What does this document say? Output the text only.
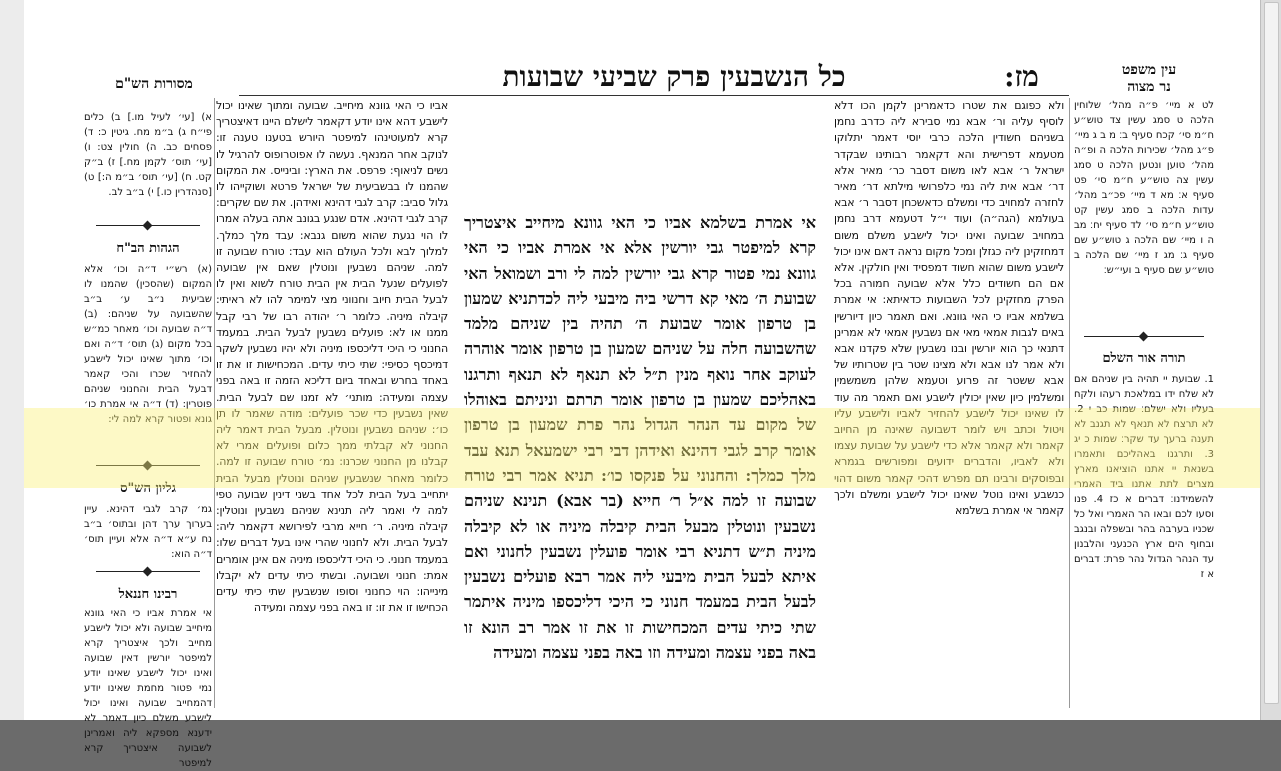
כל הנשבעין פרק שביעי שבועות	מז:	עין משפט
נר מצוה
מסורות הש"ם

ולא כפוגם את שטרו כדאמרינן לקמן הכו דלא לוסיף עליה ור׳ אבא נמי סבירא ליה כדרב נחמן בשניהם חשודין הלכה כרבי יוסי דאמר יתלוקו מטעמא דפרישית והא דקאמר רבותינו שבקדר ישראל ר׳ אבא לאו משום דסבר כר׳ מאיר אלא דר׳ אבא אית ליה נמי כלפרושי מילתא דר׳ מאיר לחזרה למחויב כדי ומשלם כדאשכחן דסבר ר׳ אבא בעולמא (הגה״ה) ועוד י״ל דטעמא דרב נחמן במחויב שבועה ואינו יכול לישבע משלם משום דמחזקינן ליה כגזלן ומכל מקום נראה דאם אינו יכול לישבע משום שהוא חשוד דמפסיד ואין חולקין. אלא אם הם חשודים כלל אלא שבועה חמורה בכל הפרק מחזקינן לכל השבועות כדאיתא: אי אמרת בשלמא אביו כי האי גוונא. ואם תאמר כיון דיורשין באים לגבות אמאי מאי אם נשבעין אמאי לא אמרינן דתנאי כך הוא יורשין ובנו נשבעין שלא פקדנו אבא ולא אמר לנו אבא ולא מצינו שטר בין שטרותיו של אבא ששטר זה פרוע וטעמא שלהן משמשמין ומשלמין כיון שאין יכולין לישבע ואם תאמר מה עוד לו שאינו יכול לישבע להחזיר לאביו ולישבע עליו ויטול וכתב ויש לומר דשבועה שאינה מן החיוב קאמר ולא קאמר אלא כדי לישבע על שבועת עצמו ולא לאביו, והדברים ידועים ומפורשים בגמרא ובפוסקים ורבינו תם מפרש דהכי קאמר משום דהוי כנשבע ואינו נוטל שאינו יכול לישבע ומשלם ולכך קאמר אי אמרת בשלמא

אי אמרת בשלמא אביו כי האי גוונא מיחייב איצטריך קרא למיפטר גבי יורשין אלא אי אמרת אביו כי האי גוונא נמי פטור קרא גבי יורשין למה לי ורב ושמואל האי שבועת ה׳ מאי קא דרשי ביה מיבעי ליה לכדתניא שמעון בן טרפון אומר שבועת ה׳ תהיה בין שניהם מלמד שהשבועה חלה על שניהם שמעון בן טרפון אומר אוהרה לעוקב אחר נואף מנין ת״ל לא תנאף לא תנאף ותרגנו באהליכם שמעון בן טרפון אומר תרתם וניניתם באוהלו של מקום עד הנהר הגדול נהר פרת שמעון בן טרפון אומר קרב לגבי דהינא ואידהן דבי רבי ישמעאל תנא עבד מלך כמלך: והחנוני על פנקסו כו׳: תניא אמר רבי טורח שבועה זו למה א״ל ר׳ חייא (בר אבא) תנינא שניהם נשבעין ונוטלין מבעל הבית קיבלה מיניה או לא קיבלה מיניה ת״ש דתניא רבי אומר פועלין נשבעין לחנוני ואם איתא לבעל הבית מיבעי ליה אמר רבא פועלים נשבעין לבעל הבית במעמד חנוני כי היכי דליכספו מיניה איתמר שתי כיתי עדים המכחישות זו את זו אמר רב הונא זו באה בפני עצמה ומעידה וזו באה בפני עצמה ומעידה

אביו כי האי גוונא מיחייב. שבועה ומתוך שאינו יכול לישבע דהא אינו יודע דקאמר לישלם היינו דאיצטריך קרא למעוטינהו למיפטר היורש בטענו טענה זו: לנוקב אחר המנאף. נעשה לו אפוטרופוס להרגיל לו נשים לניאוף: פרפס. את הארץ: ובינייס. את המקום שהמנו לו בבשביעית של ישראל פרטא ושוקייהו לו גלול סביב: קרב לגבי דהינא ואידהן. את שם שקרים: קרב לגבי דהינא. אדם שנגע בגונב אתה בעלה אמרו לו הוי נגעת שהוא משום גנבא: עבד מלך כמלך. למלוך לבא ולכל העולם הוא עבד: טורח שבועה זו למה. שניהם נשבעין ונוטלין שאם אין שבועה לפועלים שנעל הבית אין הבית טורח לשוא ואין לו לבעל הבית חיוב וחנווני מצי למימר להו לא ראיתי: קיבלה מיניה. כלומר ר׳ יהודה רבו של רבי קבל ממנו או לא: פועלים נשבעין לבעל הבית. במעמד החנוני כי היכי דליכספו מיניה ולא יהיו נשבעין לשקר דמיכסף כסיפי: שתי כיתי עדים. המכחישות זו את זו באחד בחרש ובאחד ביום דליכא הזמה זו באה בפני עצמה ומעידה: מותני׳ לא זמנו שם לבעל הבית. שאין נשבעין כדי שכר פועלים: מודה שאמר לו תן כו׳: שניהם נשבעין ונוטלין. מבעל הבית דאמר ליה החנוני לא קבלתי ממך כלום ופועלים אמרי לא קבלנו מן החנוני שכרנו: נמ׳ טורח שבועה זו למה. כלומר מאחר שנשבעין שניהם ונוטלין מבעל הבית יתחייב בעל הבית לכל אחד בשני דינין שבועה טפי למה לי ואמר ליה תנינא שניהם נשבעין ונוטלין: קיבלה מיניה. ר׳ חייא מרבי לפירושא דקאמר ליה: לבעל הבית. ולא לחנוני שהרי אינו בעל דברים שלו: במעמד חנוני. כי היכי דליכספו מיניה אם אינן אומרים אמת: חנוני ושבועה. ובשתי כיתי עדים לא יקבלו מינייהו: הוי כחנוני וסופו שנשבעין שתי כיתי עדים הכחישו זו את זו: זו באה בפני עצמה ומעידה

לט א מיי׳ פ״ה מהל׳ שלוחין הלכה ט סמג עשין צד טוש״ע ח״מ סי׳ קכח סעיף ב׃ מ ב ג מיי׳ פ״ג מהל׳ שכירות הלכה ה ופ״ה מהל׳ טוען ונטען הלכה ט סמג עשין צה טוש״ע ח״מ סי׳ פט סעיף א׃ מא ד מיי׳ פכ״ב מהל׳ עדות הלכה ב סמג עשין קט טוש״ע ח״מ סי׳ לד סעיף יח׃ מב ה ו מיי׳ שם הלכה ג טוש״ע שם סעיף ג׃ מג ז מיי׳ שם הלכה ב טוש״ע שם סעיף ב ועי״ש׃

תורה אור השלם

1. שבועת יי תהיה בין שניהם אם לא שלח ידו במלאכת רעהו ולקח בעליו ולא ישלם׃ שמות כב י 2. לא תרצח לא תנאף לא תגנב לא תענה ברעך עד שקר׃ שמות כ יג 3. ותרגנו באהליכם ותאמרו בשנאת יי אתנו הוציאנו מארץ מצרים לתת אתנו ביד האמרי להשמידנו׃ דברים א כז 4. פנו וסעו לכם ובאו הר האמרי ואל כל שכניו בערבה בהר ובשפלה ובנגב ובחוף הים ארץ הכנעני והלבנון עד הנהר הגדול נהר פרת׃ דברים א ז

א) [עי׳ לעיל מו.] ב) כלים פי״ח ג) ב״מ מח. גיטין כ: ד) פסחים כב. ה) חולין צט: ו) [עי׳ תוס׳ לקמן מח.] ז) ב״ק קט. ח) [עי׳ תוס׳ ב״מ ה:] ט) [סנהדרין כו.] י) ב״ב לב.

הגהות הב"ח

(א) רש״י ד״ה וכו׳ אלא המקום (שהסכין) שהמנו לו שביעית נ״ב ע׳ ב״ב שהשבועה על שניהם: (ב) ד״ה שבועה וכו׳ מאחר כמ״ש בכל מקום (ג) תוס׳ ד״ה ואם וכו׳ מתוך שאינו יכול לישבע להחזיר שכרו והכי קאמר דבעל הבית והחנוני שניהם פוטרין: (ד) ד״ה אי אמרת כו׳ גונא ופטור קרא למה לי:

גליון הש"ס

גמ׳ קרב לגבי דהינא. עיין בערוך ערך דהן ובתוס׳ ב״ב נח ע״א ד״ה אלא ועיין תוס׳ ד״ה הוא:

רבינו חננאל

אי אמרת אביו כי האי גוונא מיחייב שבועה ולא יכול לישבע מחייב ולכך איצטריך קרא למיפטר יורשין דאין שבועה ואינו יכול לישבע שאינו יודע נמי פטור מחמת שאינו יודע דהמחייב שבועה ואינו יכול לישבע משלם כיון דאמר לא ידענא מספקא ליה ואמרינן לשבועה איצטריך קרא למיפטר
